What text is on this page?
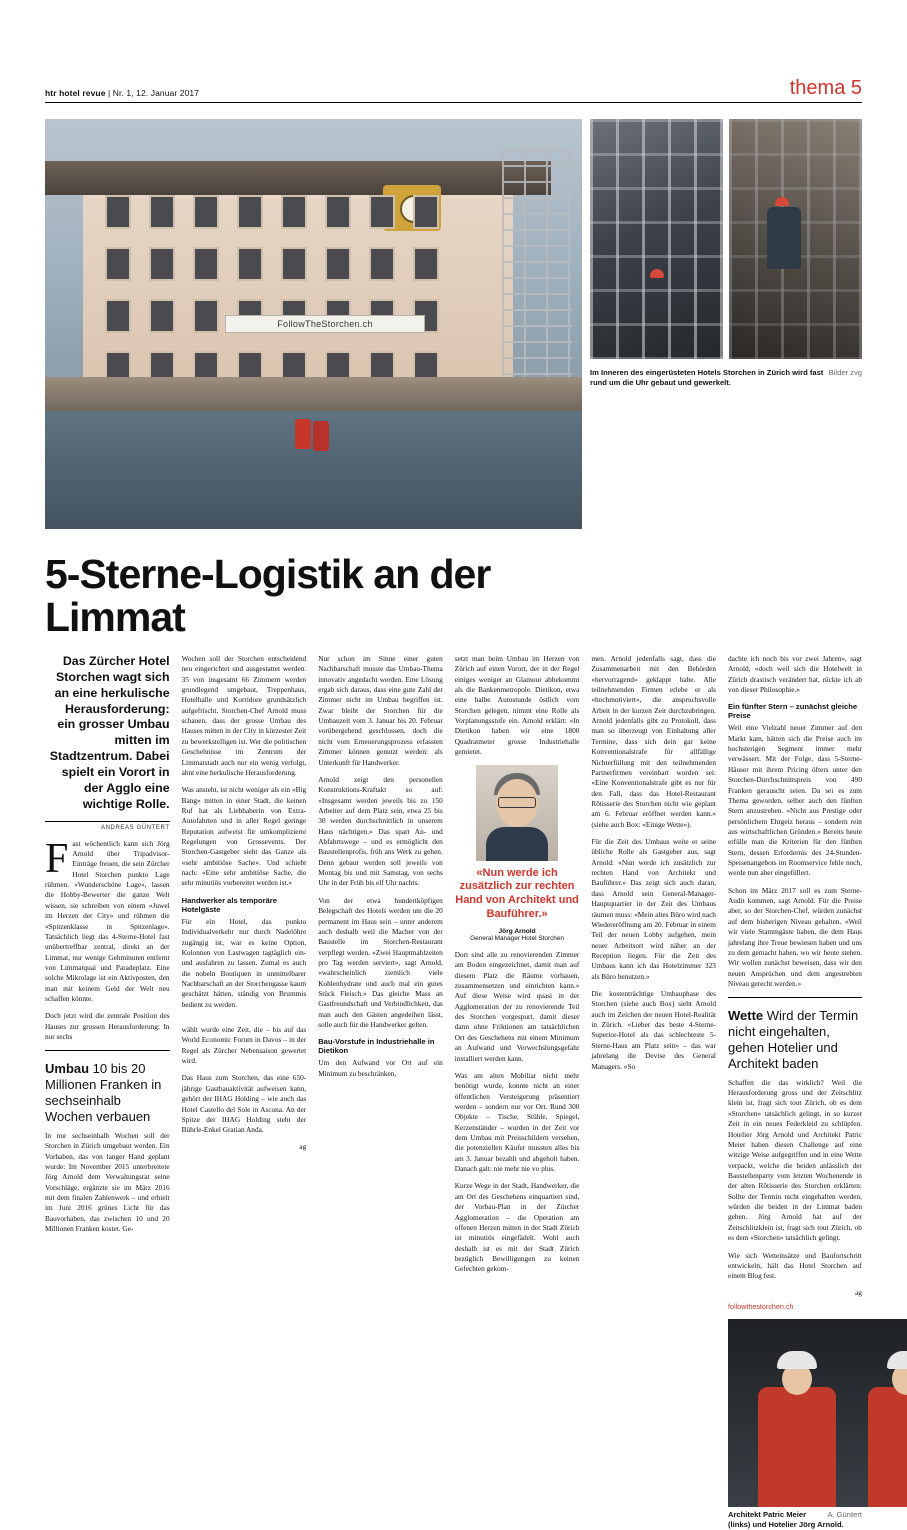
htr hotel revue | Nr. 1, 12. Januar 2017	thema 5
FollowTheStorchen.ch
Bilder zvg
Im Inneren des eingerüsteten Hotels Storchen in Zürich wird fast rund um die Uhr gebaut und gewerkelt.
5-Sterne-Logistik an der Limmat
Das Zürcher Hotel Storchen wagt sich an eine herkulische Herausforderung: ein grosser Umbau mitten im Stadtzentrum. Dabei spielt ein Vorort in der Agglo eine wichtige Rolle.
ANDREAS GÜNTERT

Fast wöchentlich kann sich Jörg Arnold über Tripadvisor-Einträge freuen, die sein Zürcher Hotel Storchen punkto Lage rühmen. «Wunderschöne Lage», lassen die Hobby-Bewerter die ganze Welt wissen, sie schreiben von einem «Juwel im Herzen der City» und rühmen die «Spitzenklasse in Spitzenlage». Tatsächlich liegt das 4-Sterne-Hotel fast unübertreffbar zentral, direkt an der Limmat, nur wenige Gehminuten entfernt von Limmatquai und Paradeplatz. Eine solche Mikrolage ist ein Aktivposten, den man mit keinem Geld der Welt neu schaffen könnte.

Doch jetzt wird die zentrale Position des Hauses zur grossen Herausforderung: In nur sechs

Umbau 10 bis 20 Millionen Franken in sechseinhalb Wochen verbauen

In nur sechseinhalb Wochen soll der Storchen in Zürich umgebaut werden. Ein Vorhaben, das von langer Hand geplant wurde: Im November 2015 unterbreitete Jörg Arnold dem Verwaltungsrat seine Vorschläge, ergänzte sie im März 2016 mit dem finalen Zahlenwerk – und erhielt im Juni 2016 grünes Licht für das Bauvorhaben, das zwischen 10 und 20 Millionen Franken kostet. Ge-

Wochen soll der Storchen entscheidend neu eingerichtet und ausgestattet werden. 35 von insgesamt 66 Zimmern werden grundlegend umgebaut, Treppenhaus, Hotelhalle und Korridore grundsätzlich aufgefrischt. Storchen-Chef Arnold muss schauen, dass der grosse Umbau des Hauses mitten in der City in kürzester Zeit zu bewerkstelligen ist. Wer die politischen Geschehnisse im Zentrum der Limmatstadt auch nur ein wenig verfolgt, ahnt eine herkulische Herausforderung.

Was ansteht, ist nicht weniger als ein «Big Bang» mitten in einer Stadt, die keinen Ruf hat als Liebhaberin von Extra-Autofahrten und in aller Regel geringe Reputation aufweist für umkomplizierte Regelungen von Grossevents. Der Storchen-Gastgeber sieht das Ganze als «sehr ambitiöse Sache». Und schiebt nach: «Eine sehr ambitiöse Sache, die sehr minutiös vorbereitet werden ist.»

Handwerker als temporäre Hotelgäste

Für ein Hotel, das punkto Individualverkehr nur durch Nadelöhre zugängig ist, war es keine Option, Kolonnen von Lastwagen tagtäglich ein- und ausfahren zu lassen. Zumal es auch die nobeln Boutiquen in unmittelbarer Nachbarschaft an der Storchengasse kaum geschätzt hätten, ständig von Brummis bedient zu werden.

wählt wurde eine Zeit, die – bis auf das World Economic Forum in Davos – in der Regel als Zürcher Nebensaison gewertet wird.

Das Haus zum Storchen, das eine 650-jährige Gastbauaktivität aufweisen kann, gehört der IHAG Holding – wie auch das Hotel Castello del Sole in Ascona. An der Spitze der IHAG Holding steht der Bührle-Enkel Gratian Anda.

ag

Nur schon im Sinne einer guten Nachbarschaft musste das Umbau-Thema innovativ angedacht werden. Eine Lösung ergab sich daraus, dass eine gute Zahl der Zimmer nicht im Umbau begriffen ist. Zwar bleibt der Storchen für die Umbauzeit vom 3. Januar bis 20. Februar vorübergehend geschlossen, doch die nicht vom Erneuerungsprozess erfassten Zimmer können genutzt werden: als Unterkunft für Handwerker.

Arnold zeigt den personellen Konstruktions-Kraftakt so auf: «Insgesamt werden jeweils bis zu 150 Arbeiter auf dem Platz sein, etwa 25 bis 30 werden durchschnittlich in unserem Haus nächtigen.» Das spart An- und Abfahrtswege – und es ermöglicht den Baustellenprofis, früh ans Werk zu gehen. Denn gebaut werden soll jeweils von Montag bis und mit Samstag, von sechs Uhr in der Früh bis elf Uhr nachts.

Von der etwa hundertköpfigen Belegschaft des Hotels werden um die 20 permanent im Haus sein – unter anderem auch deshalb weil die Macher von der Baustelle im Storchen-Restaurant verpflegt werden. «Zwei Hauptmahlzeiten pro Tag werden serviert», sagt Arnold, «wahrscheinlich ziemlich viele Kohlenhydrate und auch mal ein gutes Stück Fleisch.» Das gleiche Mass an Gastfreundschaft und Verbindlichkeit, das man auch den Gästen angedeihen lässt, solle auch für die Handwerker gelten.

Bau-Vorstufe in Industriehalle in Dietikon

Um den Aufwand vor Ort auf ein Minimum zu beschränken,

setzt man beim Umbau im Herzen von Zürich auf einen Vorort, der in der Regel einiges weniger an Glamour abbekommt als die Bankenmetropole. Dietikon, etwa eine halbe Autostunde östlich vom Storchen gelegen, nimmt eine Rolle als Vorplanungsstufe ein. Arnold erklärt: «In Dietikon haben wir eine 1800 Quadratmeter grosse Industriehalle gemietet.

«Nun werde ich zusätzlich zur rechten Hand von Architekt und Bauführer.»
Jörg Arnold
General Manager Hotel Storchen

Dort sind alle zu renovierenden Zimmer am Boden eingezeichnet, damit man auf diesem Platz die Räume vorbauen, zusammensetzen und einrichten kann.» Auf diese Weise wird quasi in der Agglomeration der zu renovierende Teil des Storchen vorgespurt, damit dieser dann ohne Friktionen am tatsächlichen Ort des Geschehens mit einem Minimum an Aufwand und Verwechslungsgefahr installiert werden kann.

Was am alten Mobiliar nicht mehr benötigt wurde, konnte nicht an einer öffentlichen Versteigerung präsentiert werden – sondern nur vor Ort. Rund 300 Objekte – Tische, Stühle, Spiegel, Kerzenständer – wurden in der Zeit vor dem Umbau mit Preisschildern versehen, die potenziellen Käufer mussten alles bis am 3. Januar bezahlt und abgeholt haben. Danach galt: nie mehr nie vo plus.

Kurze Wege in der Stadt, Handwerker, die am Ort des Geschehens einquartiert sind, der Vorbau-Plan in der Zürcher Agglomeration – die Operation am offenen Herzen mitten in der Stadt Zürich ist minutiös eingefädelt. Wohl auch deshalb ist es mit der Stadt Zürich bezüglich Bewilligungen zu keinen Gefechten gekom-

men. Arnold jedenfalls sagt, dass die Zusammenarbeit mit den Behörden «hervorragend» geklappt habe. Alle teilnehmenden Firmen erlebe er als «hochmotiviert», die anspruchsvolle Arbeit in der kurzen Zeit durchzubringen. Arnold jedenfalls gibt zu Protokoll, dass man so überzeugt von Einhaltung aller Termine, dass sich dein gar keine Konventionalstrafe für allfällige Nichterfüllung mit den teilnehmenden Partnerfirmen vereinbart worden sei: «Eine Konventionalstrafe gibt es nur für den Fall, dass das Hotel-Restaurant Rôtisserie des Storchen nicht wie geplant am 6. Februar eröffnet werden kann.» (siehe auch Box: «Einige Wette»).

Für die Zeit des Umbaus weite er seine übliche Rolle als Gastgeber aus, sagt Arnold: «Nun werde ich zusätzlich zur rechten Hand von Architekt und Bauführer.» Das zeigt sich auch daran, dass Arnold sein General-Manager-Hauptquartier in der Zeit des Umbaus räumen muss: «Mein altes Büro wird nach Wiedereröffnung am 20. Februar in einem Teil der neuen Lobby aufgehen, mein neuer Arbeitsort wird näher an der Reception liegen. Für die Zeit des Umbaus kann ich das Hotelzimmer 323 als Büro benutzen.»

Die kostenträchtige Umbauphase des Storchen (siehe auch Box) sieht Arnold auch im Zeichen der neuen Hotel-Realität in Zürich. «Lieber das beste 4-Sterne-Superior-Hotel als das schlechteste 5-Sterne-Haus am Platz sein» – das war jahrelang die Devise des General Managers. «So

dachte ich noch bis vor zwei Jahren», sagt Arnold, «doch weil sich die Hotelwelt in Zürich drastisch verändert hat, rückte ich ab von dieser Philosophie.»

Ein fünfter Stern – zunächst gleiche Preise

Weil eine Vielzahl neuer Zimmer auf den Markt kam, hätten sich die Preise auch im hochsterigen Segment immer mehr verwässert. Mit der Folge, dass 5-Sterne-Häuser mit ihrem Pricing öfters unter den Storchen-Durchschnittspreis von 490 Franken gerauscht seien. Da sei es zum Thema geworden, selber auch den fünften Stern anzustreben. «Nicht aus Prestige oder persönlichem Ehrgeiz heraus – sondern rein aus wirtschaftlichen Gründen.» Bereits heute erfülle man die Kriterien für den fünften Stern, dessen Erfordernis des 24-Stunden-Speisenangebots im Roomservice fehle noch, werde nun aber eingefüllert.

Schon im März 2017 soll es zum Sterne-Audit kommen, sagt Arnold. Für die Preise aber, so der Storchen-Chef, würden zunächst auf dem bisherigen Niveau gehalten. «Weil wir viele Stammgäste haben, die dem Haus jahrelang ihre Treue bewiesen haben und uns zu dem gemacht haben, wo wir heute stehen. Wir wollen zunächst beweisen, dass wir den neuen Ansprüchen und dem angestrebten Niveau gerecht werden.»

Wette Wird der Termin nicht eingehalten, gehen Hotelier und Architekt baden

Schaffen die das wirklich? Weil die Herausforderung gross und der Zeitschlitz klein ist, fragt sich tout Zürich, ob es dem «Storchen» tatsächlich gelingt, in so kurzer Zeit in ein neues Federkleid zu schlüpfen. Hotelier Jörg Arnold und Architekt Patric Meier haben diesen Challenge auf eine witzige Weise aufgegriffen und in eine Wette verpackt, welche die beiden anlässlich der Baustellenparty vom letzten Wochenende in der alten Rôtisserie des Storchen erklärten: Sollte der Termin nicht eingehalten werden, würden die beiden in der Limmat baden gehen. Jörg Arnold hat auf der Zeitschlitzklein ist, fragt sich tout Zürich, ob es dem «Storchen» tatsächlich gelingt.

Wie sich Wetteinsätze und Baufortschritt entwickeln, hält das Hotel Storchen auf einem Blog fest.

ag
followthestorchen.ch
A. Güntert
Architekt Patric Meier (links) und Hotelier Jörg Arnold.
